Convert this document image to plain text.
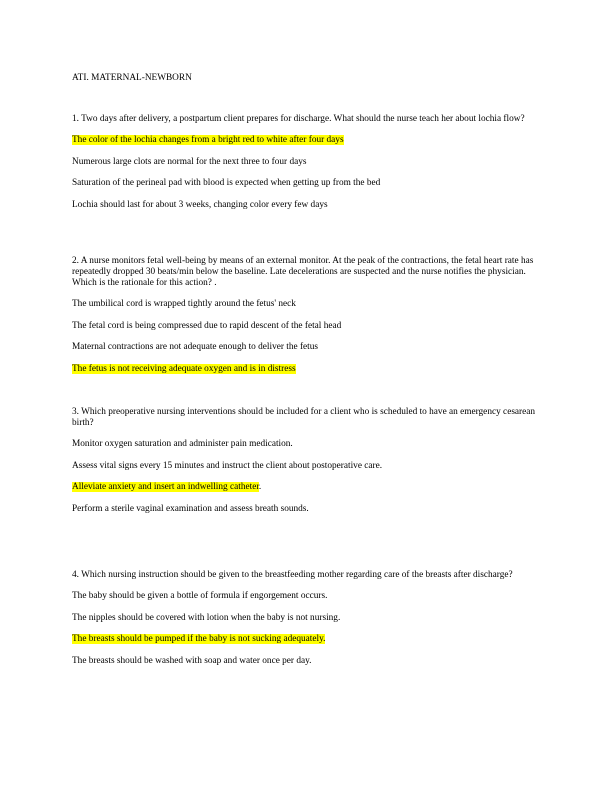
ATI. MATERNAL-NEWBORN
1. Two days after delivery, a postpartum client prepares for discharge. What should the nurse teach her about lochia flow?
The color of the lochia changes from a bright red to white after four days
Numerous large clots are normal for the next three to four days
Saturation of the perineal pad with blood is expected when getting up from the bed
Lochia should last for about 3 weeks, changing color every few days
2. A nurse monitors fetal well-being by means of an external monitor. At the peak of the contractions, the fetal heart rate has repeatedly dropped 30 beats/min below the baseline. Late decelerations are suspected and the nurse notifies the physician. Which is the rationale for this action? .
The umbilical cord is wrapped tightly around the fetus' neck
The fetal cord is being compressed due to rapid descent of the fetal head
Maternal contractions are not adequate enough to deliver the fetus
The fetus is not receiving adequate oxygen and is in distress
3. Which preoperative nursing interventions should be included for a client who is scheduled to have an emergency cesarean birth?
Monitor oxygen saturation and administer pain medication.
Assess vital signs every 15 minutes and instruct the client about postoperative care.
Alleviate anxiety and insert an indwelling catheter.
Perform a sterile vaginal examination and assess breath sounds.
4. Which nursing instruction should be given to the breastfeeding mother regarding care of the breasts after discharge?
The baby should be given a bottle of formula if engorgement occurs.
The nipples should be covered with lotion when the baby is not nursing.
The breasts should be pumped if the baby is not sucking adequately.
The breasts should be washed with soap and water once per day.
